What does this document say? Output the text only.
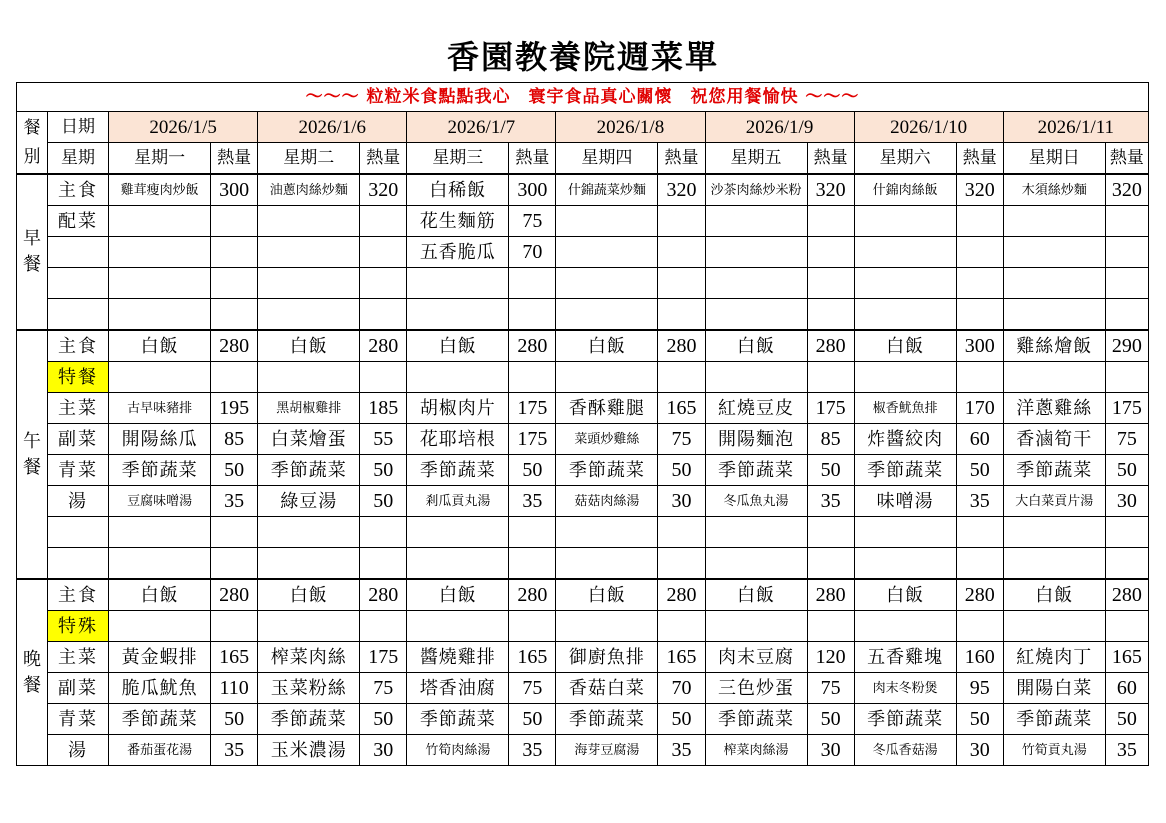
香園教養院週菜單
～～～ 粒粒米食點點我心　寰宇食品真心關懷　祝您用餐愉快 ～～～															
餐
別	日期	2026/1/5		2026/1/6		2026/1/7		2026/1/8		2026/1/9		2026/1/10		2026/1/11	
	星期	星期一	熱量	星期二	熱量	星期三	熱量	星期四	熱量	星期五	熱量	星期六	熱量	星期日	熱量
早
餐	主食	雞茸瘦肉炒飯	300	油蔥肉絲炒麵	320	白稀飯	300	什錦蔬菜炒麵	320	沙茶肉絲炒米粉	320	什錦肉絲飯	320	木須絲炒麵	320
	配菜					花生麵筋	75								
						五香脆瓜	70								

午
餐	主食	白飯	280	白飯	280	白飯	280	白飯	280	白飯	280	白飯	300	雞絲燴飯	290
	特餐														
	主菜	古早味豬排	195	黑胡椒雞排	185	胡椒肉片	175	香酥雞腿	165	紅燒豆皮	175	椒香魷魚排	170	洋蔥雞絲	175
	副菜	開陽絲瓜	85	白菜燴蛋	55	花耶培根	175	菜頭炒雞絲	75	開陽麵泡	85	炸醬絞肉	60	香滷筍干	75
	青菜	季節蔬菜	50	季節蔬菜	50	季節蔬菜	50	季節蔬菜	50	季節蔬菜	50	季節蔬菜	50	季節蔬菜	50
	湯	豆腐味噌湯	35	綠豆湯	50	剎瓜貢丸湯	35	菇菇肉絲湯	30	冬瓜魚丸湯	35	味噌湯	35	大白菜貢片湯	30

晚
餐	主食	白飯	280	白飯	280	白飯	280	白飯	280	白飯	280	白飯	280	白飯	280
	特殊														
	主菜	黃金蝦排	165	榨菜肉絲	175	醬燒雞排	165	御廚魚排	165	肉末豆腐	120	五香雞塊	160	紅燒肉丁	165
	副菜	脆瓜魷魚	110	玉菜粉絲	75	塔香油腐	75	香菇白菜	70	三色炒蛋	75	肉末冬粉煲	95	開陽白菜	60
	青菜	季節蔬菜	50	季節蔬菜	50	季節蔬菜	50	季節蔬菜	50	季節蔬菜	50	季節蔬菜	50	季節蔬菜	50
	湯	番茄蛋花湯	35	玉米濃湯	30	竹筍肉絲湯	35	海芽豆腐湯	35	榨菜肉絲湯	30	冬瓜香菇湯	30	竹筍貢丸湯	35
